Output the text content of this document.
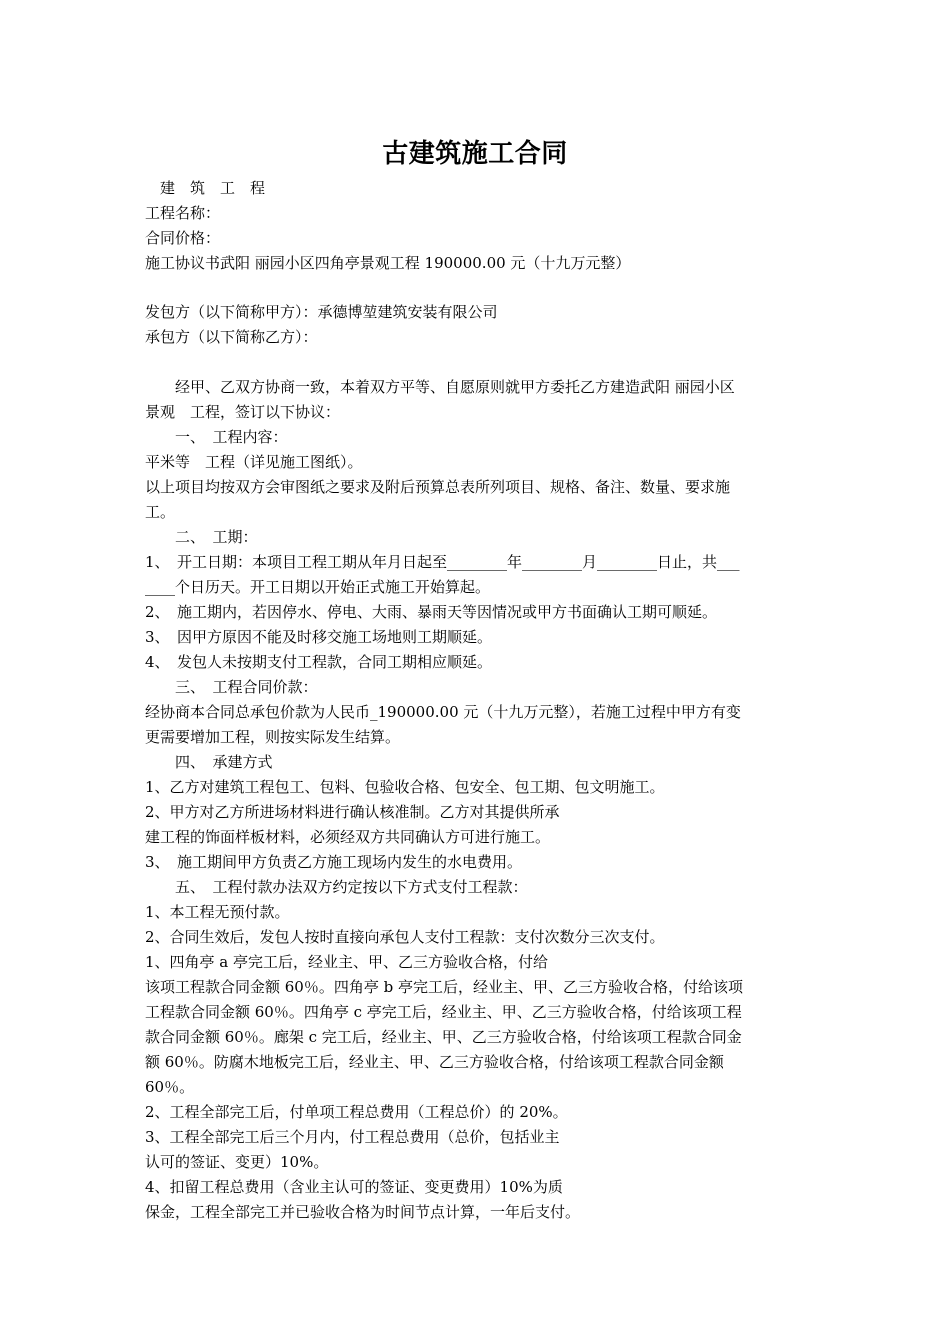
古建筑施工合同
　建　筑　工　程
工程名称：
合同价格：
施工协议书武阳 丽园小区四角亭景观工程 190000.00 元（十九万元整）
发包方（以下简称甲方）：承德博堃建筑安装有限公司
承包方（以下简称乙方）：
　　经甲、乙双方协商一致，本着双方平等、自愿原则就甲方委托乙方建造武阳 丽园小区
景观　工程，签订以下协议：
　　一、　工程内容：
平米等　工程（详见施工图纸）。
以上项目均按双方会审图纸之要求及附后预算总表所列项目、规格、备注、数量、要求施
工。
　　二、　工期：
1、　开工日期：本项目工程工期从年月日起至________年________月________日止，共___
____个日历天。开工日期以开始正式施工开始算起。
2、　施工期内，若因停水、停电、大雨、暴雨天等因情况或甲方书面确认工期可顺延。
3、　因甲方原因不能及时移交施工场地则工期顺延。
4、　发包人未按期支付工程款，合同工期相应顺延。
　　三、　工程合同价款：
经协商本合同总承包价款为人民币_190000.00 元（十九万元整），若施工过程中甲方有变
更需要增加工程，则按实际发生结算。
　　四、　承建方式
1、乙方对建筑工程包工、包料、包验收合格、包安全、包工期、包文明施工。
2、甲方对乙方所进场材料进行确认核准制。乙方对其提供所承
建工程的饰面样板材料，必须经双方共同确认方可进行施工。
3、　施工期间甲方负责乙方施工现场内发生的水电费用。
　　五、　工程付款办法双方约定按以下方式支付工程款：
1、本工程无预付款。
2、合同生效后，发包人按时直接向承包人支付工程款：支付次数分三次支付。
1、四角亭 a 亭完工后，经业主、甲、乙三方验收合格，付给
该项工程款合同金额 60％。四角亭 b 亭完工后，经业主、甲、乙三方验收合格，付给该项
工程款合同金额 60％。四角亭 c 亭完工后，经业主、甲、乙三方验收合格，付给该项工程
款合同金额 60％。廊架 c 完工后，经业主、甲、乙三方验收合格，付给该项工程款合同金
额 60％。防腐木地板完工后，经业主、甲、乙三方验收合格，付给该项工程款合同金额
60％。
2、工程全部完工后，付单项工程总费用（工程总价）的 20%。
3、工程全部完工后三个月内，付工程总费用（总价，包括业主
认可的签证、变更）10%。
4、扣留工程总费用（含业主认可的签证、变更费用）10%为质
保金，工程全部完工并已验收合格为时间节点计算，一年后支付。
